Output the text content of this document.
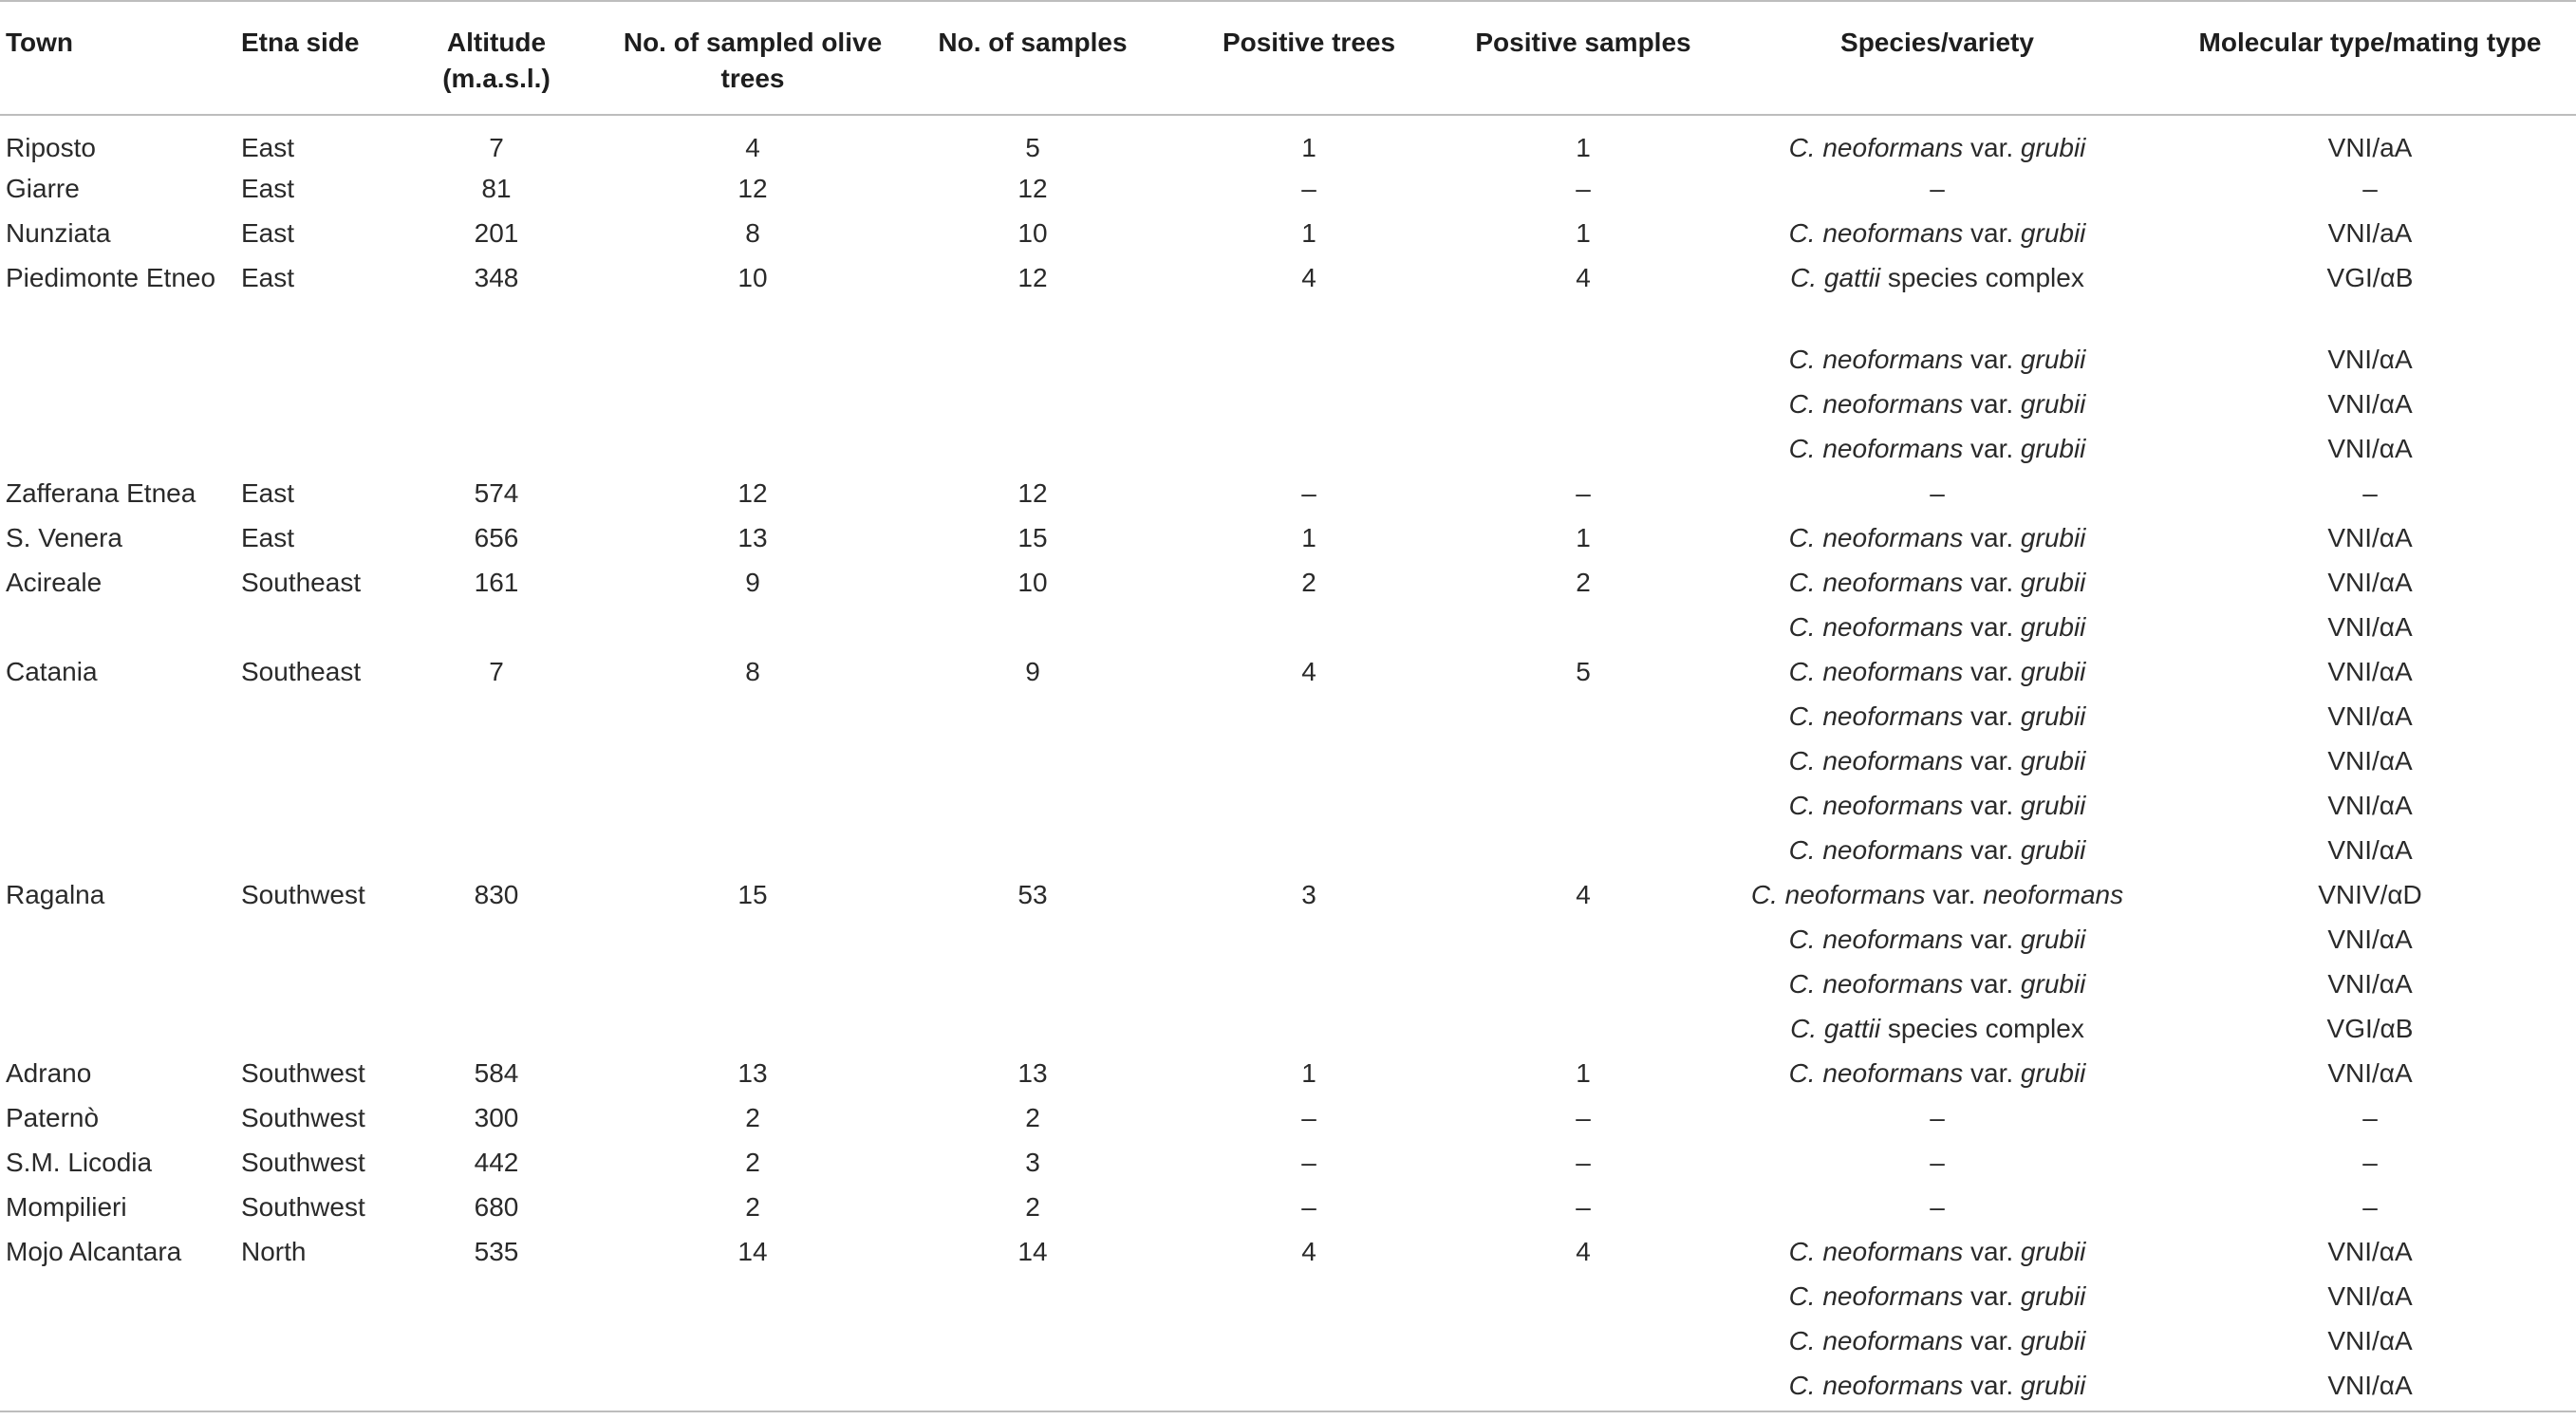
Town	Etna side	Altitude (m.a.s.l.)	No. of sampled olive trees	No. of samples	Positive trees	Positive samples	Species/variety	Molecular type/mating type
Riposto	East	7	4	5	1	1	C. neoformans var. grubii	VNI/aA
Giarre	East	81	12	12	–	–	–	–
Nunziata	East	201	8	10	1	1	C. neoformans var. grubii	VNI/aA
Piedimonte Etneo	East	348	10	12	4	4	C. gattii species complex	VGI/αB
							C. neoformans var. grubii	VNI/αA
							C. neoformans var. grubii	VNI/αA
							C. neoformans var. grubii	VNI/αA
Zafferana Etnea	East	574	12	12	–	–	–	–
S. Venera	East	656	13	15	1	1	C. neoformans var. grubii	VNI/αA
Acireale	Southeast	161	9	10	2	2	C. neoformans var. grubii	VNI/αA
							C. neoformans var. grubii	VNI/αA
Catania	Southeast	7	8	9	4	5	C. neoformans var. grubii	VNI/αA
							C. neoformans var. grubii	VNI/αA
							C. neoformans var. grubii	VNI/αA
							C. neoformans var. grubii	VNI/αA
							C. neoformans var. grubii	VNI/αA
Ragalna	Southwest	830	15	53	3	4	C. neoformans var. neoformans	VNIV/αD
							C. neoformans var. grubii	VNI/αA
							C. neoformans var. grubii	VNI/αA
							C. gattii species complex	VGI/αB
Adrano	Southwest	584	13	13	1	1	C. neoformans var. grubii	VNI/αA
Paternò	Southwest	300	2	2	–	–	–	–
S.M. Licodia	Southwest	442	2	3	–	–	–	–
Mompilieri	Southwest	680	2	2	–	–	–	–
Mojo Alcantara	North	535	14	14	4	4	C. neoformans var. grubii	VNI/αA
							C. neoformans var. grubii	VNI/αA
							C. neoformans var. grubii	VNI/αA
							C. neoformans var. grubii	VNI/αA
